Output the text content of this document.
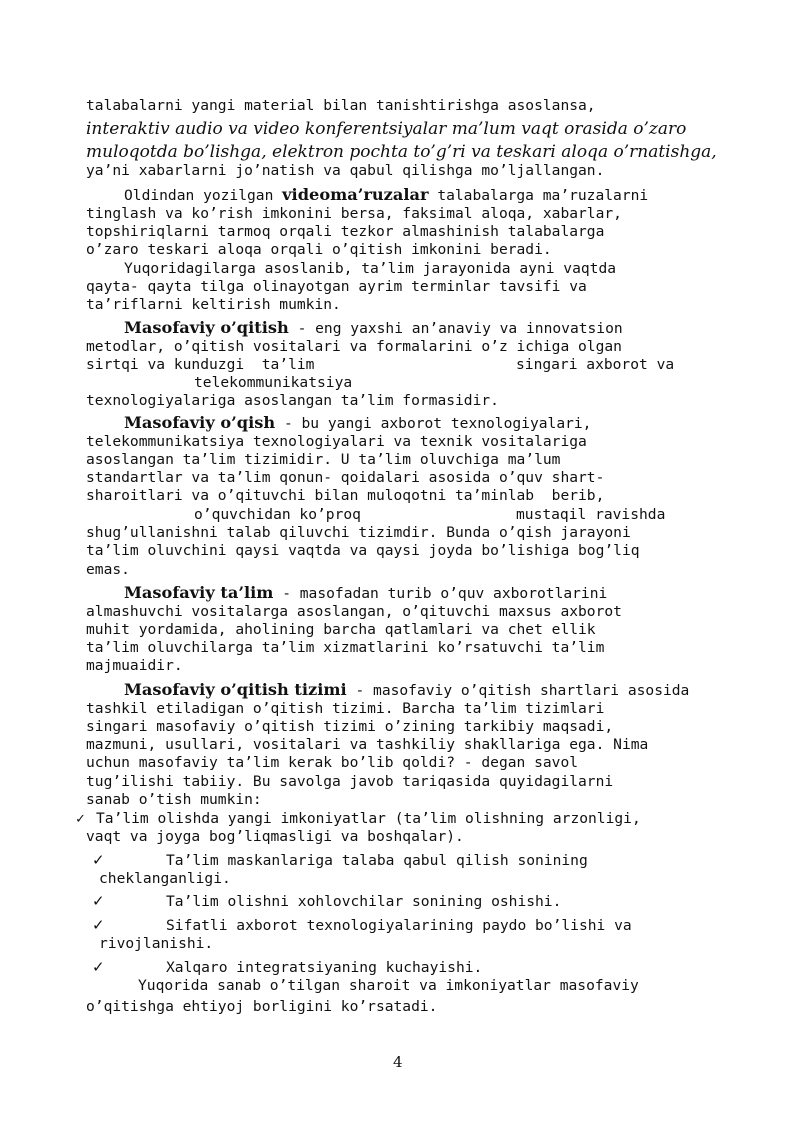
talabalarni yangi material bilan tanishtirishga asoslansa,
interaktiv audio va video konferentsiyalar ma’lum vaqt orasida o’zaro
muloqotda bo’lishga, elektron pochta to’g’ri va teskari aloqa o’rnatishga,
ya’ni xabarlarni jo’natish va qabul qilishga mo’ljallangan.
Oldindan yozilgan videoma’ruzalar talabalarga ma’ruzalarni
tinglash va ko’rish imkonini bersa, faksimal aloqa, xabarlar,
topshiriqlarni tarmoq orqali tezkor almashinish talabalarga
o’zaro teskari aloqa orqali o’qitish imkonini beradi.
Yuqoridagilarga asoslanib, ta’lim jarayonida ayni vaqtda
qayta- qayta tilga olinayotgan ayrim terminlar tavsifi va
ta’riflarni keltirish mumkin.
Masofaviy o’qitish - eng yaxshi an’anaviy va innovatsion
metodlar, o’qitish vositalari va formalarini o’z ichiga olgan
sirtqi va kunduzgi  ta’lim	singari axborot va
telekommunikatsiya
texnologiyalariga asoslangan ta’lim formasidir.
Masofaviy o’qish - bu yangi axborot texnologiyalari,
telekommunikatsiya texnologiyalari va texnik vositalariga
asoslangan ta’lim tizimidir. U ta’lim oluvchiga ma’lum
standartlar va ta’lim qonun- qoidalari asosida o’quv shart-
sharoitlari va o’qituvchi bilan muloqotni ta’minlab  berib,
o’quvchidan ko’proq	mustaqil ravishda
shug’ullanishni talab qiluvchi tizimdir. Bunda o’qish jarayoni
ta’lim oluvchini qaysi vaqtda va qaysi joyda bo’lishiga bog’liq
emas.
Masofaviy ta’lim - masofadan turib o’quv axborotlarini
almashuvchi vositalarga asoslangan, o’qituvchi maxsus axborot
muhit yordamida, aholining barcha qatlamlari va chet ellik
ta’lim oluvchilarga ta’lim xizmatlarini ko’rsatuvchi ta’lim
majmuaidir.
Masofaviy o’qitish tizimi - masofaviy o’qitish shartlari asosida
tashkil etiladigan o’qitish tizimi. Barcha ta’lim tizimlari
singari masofaviy o’qitish tizimi o’zining tarkibiy maqsadi,
mazmuni, usullari, vositalari va tashkiliy shakllariga ega. Nima
uchun masofaviy ta’lim kerak bo’lib qoldi? - degan savol
tug’ilishi tabiiy. Bu savolga javob tariqasida quyidagilarni
sanab o’tish mumkin:
✓ Ta’lim olishda yangi imkoniyatlar (ta’lim olishning arzonligi,
vaqt va joyga bog’liqmasligi va boshqalar).
✓	Ta’lim maskanlariga talaba qabul qilish sonining
cheklanganligi.
✓	Ta’lim olishni xohlovchilar sonining oshishi.
✓	Sifatli axborot texnologiyalarining paydo bo’lishi va
rivojlanishi.
✓	Xalqaro integratsiyaning kuchayishi.
Yuqorida sanab o’tilgan sharoit va imkoniyatlar masofaviy
o’qitishga ehtiyoj borligini ko’rsatadi.
4
